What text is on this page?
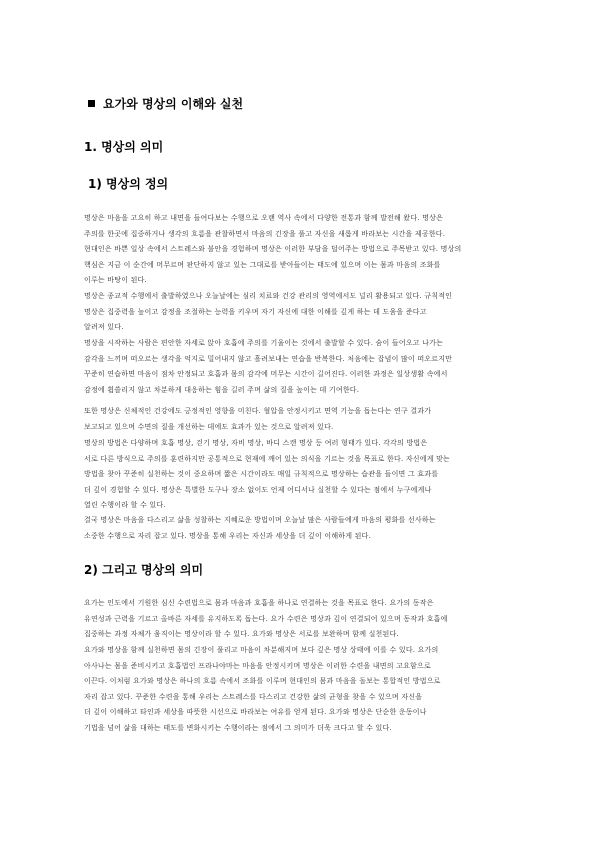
요가와 명상의 이해와 실천
1. 명상의 의미
1) 명상의 정의
명상은 마음을 고요히 하고 내면을 들여다보는 수행으로 오랜 역사 속에서 다양한 전통과 함께 발전해 왔다. 명상은
주의를 한곳에 집중하거나 생각의 흐름을 관찰하면서 마음의 긴장을 풀고 자신을 새롭게 바라보는 시간을 제공한다.
현대인은 바쁜 일상 속에서 스트레스와 불안을 경험하며 명상은 이러한 부담을 덜어주는 방법으로 주목받고 있다. 명상의
핵심은 지금 이 순간에 머무르며 판단하지 않고 있는 그대로를 받아들이는 태도에 있으며 이는 몸과 마음의 조화를
이루는 바탕이 된다.
명상은 종교적 수행에서 출발하였으나 오늘날에는 심리 치료와 건강 관리의 영역에서도 널리 활용되고 있다. 규칙적인
명상은 집중력을 높이고 감정을 조절하는 능력을 키우며 자기 자신에 대한 이해를 깊게 하는 데 도움을 준다고
알려져 있다.
명상을 시작하는 사람은 편안한 자세로 앉아 호흡에 주의를 기울이는 것에서 출발할 수 있다. 숨이 들어오고 나가는
감각을 느끼며 떠오르는 생각을 억지로 밀어내지 않고 흘려보내는 연습을 반복한다. 처음에는 잡념이 많이 떠오르지만
꾸준히 연습하면 마음이 점차 안정되고 호흡과 몸의 감각에 머무는 시간이 길어진다. 이러한 과정은 일상생활 속에서
감정에 휩쓸리지 않고 차분하게 대응하는 힘을 길러 주며 삶의 질을 높이는 데 기여한다.
또한 명상은 신체적인 건강에도 긍정적인 영향을 미친다. 혈압을 안정시키고 면역 기능을 돕는다는 연구 결과가
보고되고 있으며 수면의 질을 개선하는 데에도 효과가 있는 것으로 알려져 있다.
명상의 방법은 다양하며 호흡 명상, 걷기 명상, 자비 명상, 바디 스캔 명상 등 여러 형태가 있다. 각각의 방법은
서로 다른 방식으로 주의를 훈련하지만 공통적으로 현재에 깨어 있는 의식을 기르는 것을 목표로 한다. 자신에게 맞는
방법을 찾아 꾸준히 실천하는 것이 중요하며 짧은 시간이라도 매일 규칙적으로 명상하는 습관을 들이면 그 효과를
더 깊이 경험할 수 있다. 명상은 특별한 도구나 장소 없이도 언제 어디서나 실천할 수 있다는 점에서 누구에게나
열린 수행이라 할 수 있다.
결국 명상은 마음을 다스리고 삶을 성찰하는 지혜로운 방법이며 오늘날 많은 사람들에게 마음의 평화를 선사하는
소중한 수행으로 자리 잡고 있다. 명상을 통해 우리는 자신과 세상을 더 깊이 이해하게 된다.
2) 그리고 명상의 의미
요가는 인도에서 기원한 심신 수련법으로 몸과 마음과 호흡을 하나로 연결하는 것을 목표로 한다. 요가의 동작은
유연성과 근력을 기르고 올바른 자세를 유지하도록 돕는다. 요가 수련은 명상과 깊이 연결되어 있으며 동작과 호흡에
집중하는 과정 자체가 움직이는 명상이라 할 수 있다. 요가와 명상은 서로를 보완하며 함께 실천된다.
요가와 명상을 함께 실천하면 몸의 긴장이 풀리고 마음이 차분해지며 보다 깊은 명상 상태에 이를 수 있다. 요가의
아사나는 몸을 준비시키고 호흡법인 프라나야마는 마음을 안정시키며 명상은 이러한 수련을 내면의 고요함으로
이끈다. 이처럼 요가와 명상은 하나의 흐름 속에서 조화를 이루며 현대인의 몸과 마음을 돌보는 통합적인 방법으로
자리 잡고 있다. 꾸준한 수련을 통해 우리는 스트레스를 다스리고 건강한 삶의 균형을 찾을 수 있으며 자신을
더 깊이 이해하고 타인과 세상을 따뜻한 시선으로 바라보는 여유를 얻게 된다. 요가와 명상은 단순한 운동이나
기법을 넘어 삶을 대하는 태도를 변화시키는 수행이라는 점에서 그 의미가 더욱 크다고 할 수 있다.
